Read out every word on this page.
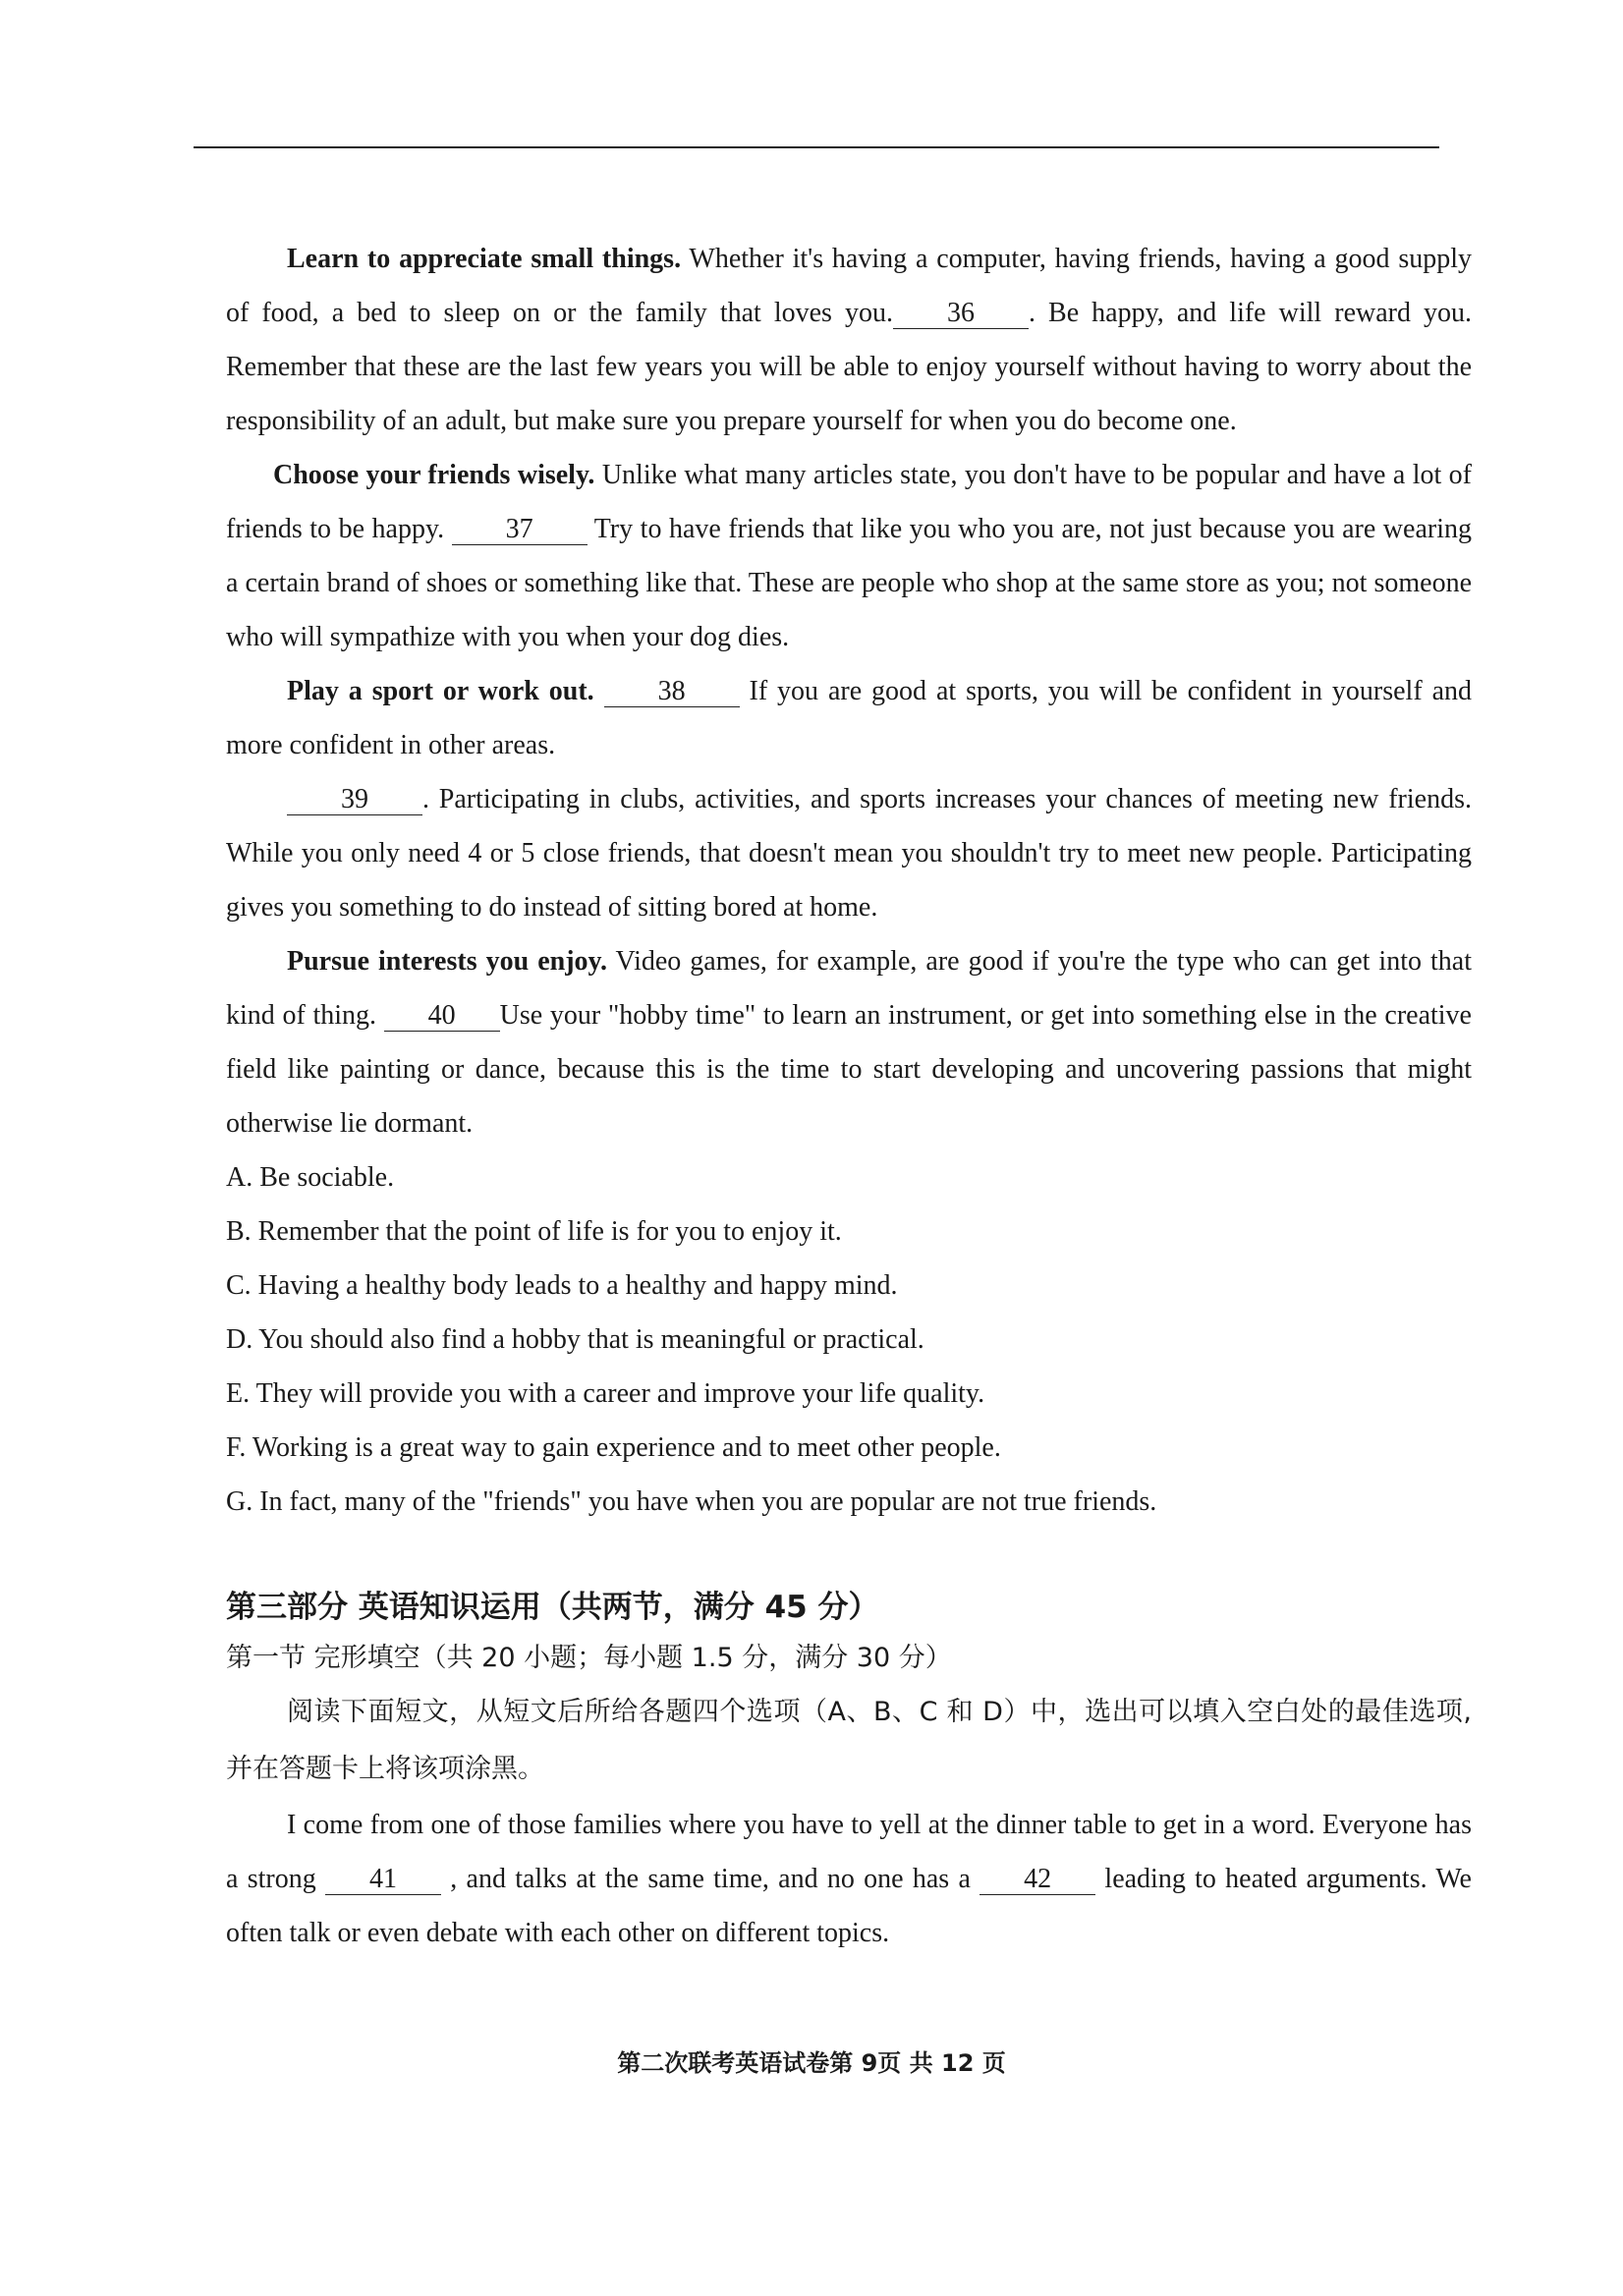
Learn to appreciate small things. Whether it's having a computer, having friends, having a good supply of food, a bed to sleep on or the family that loves you. 36 . Be happy, and life will reward you. Remember that these are the last few years you will be able to enjoy yourself without having to worry about the responsibility of an adult, but make sure you prepare yourself for when you do become one.

Choose your friends wisely. Unlike what many articles state, you don't have to be popular and have a lot of friends to be happy. 37 Try to have friends that like you who you are, not just because you are wearing a certain brand of shoes or something like that. These are people who shop at the same store as you; not someone who will sympathize with you when your dog dies.

Play a sport or work out. 38 If you are good at sports, you will be confident in yourself and more confident in other areas.

39 . Participating in clubs, activities, and sports increases your chances of meeting new friends. While you only need 4 or 5 close friends, that doesn't mean you shouldn't try to meet new people. Participating gives you something to do instead of sitting bored at home.

Pursue interests you enjoy. Video games, for example, are good if you're the type who can get into that kind of thing. 40 Use your "hobby time" to learn an instrument, or get into something else in the creative field like painting or dance, because this is the time to start developing and uncovering passions that might otherwise lie dormant.

A. Be sociable.

B. Remember that the point of life is for you to enjoy it.

C. Having a healthy body leads to a healthy and happy mind.

D. You should also find a hobby that is meaningful or practical.

E. They will provide you with a career and improve your life quality.

F. Working is a great way to gain experience and to meet other people.

G. In fact, many of the "friends" you have when you are popular are not true friends.

第三部分 英语知识运用（共两节，满分 45 分）
第一节 完形填空（共 20 小题；每小题 1.5 分，满分 30 分）

阅读下面短文，从短文后所给各题四个选项（A、B、C 和 D）中，选出可以填入空白处的最佳选项,并在答题卡上将该项涂黑。

I come from one of those families where you have to yell at the dinner table to get in a word. Everyone has a strong 41 , and talks at the same time, and no one has a 42 leading to heated arguments. We often talk or even debate with each other on different topics.

第二次联考英语试卷第 9页 共 12 页
